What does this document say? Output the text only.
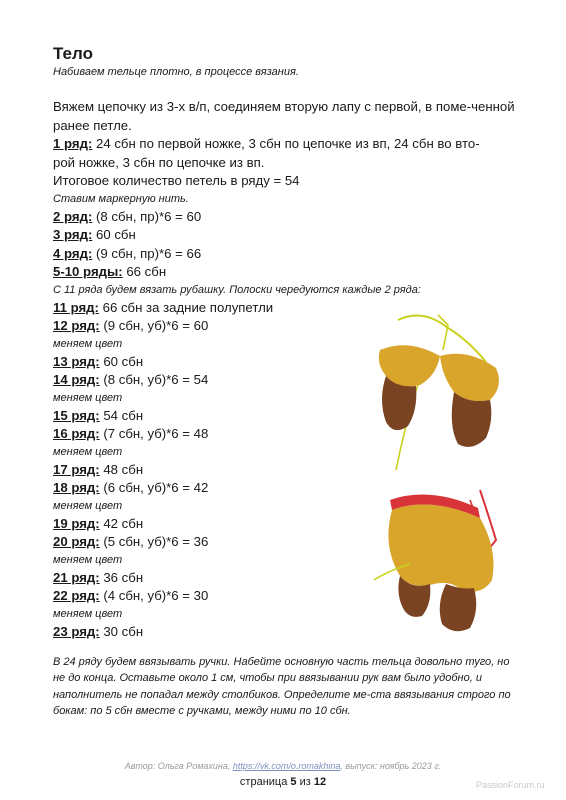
Тело
Набиваем тельце плотно, в процессе вязания.
Вяжем цепочку из 3-х в/п, соединяем вторую лапу с первой, в поме-ченной ранее петле.
1 ряд: 24 сбн по первой ножке, 3 сбн по цепочке из вп, 24 сбн во вто-
рой ножке, 3 сбн по цепочке из вп.
Итоговое количество петель в ряду = 54
Ставим маркерную нить.
2 ряд: (8 сбн, пр)*6 = 60
3 ряд: 60 сбн
4 ряд: (9 сбн, пр)*6 = 66
5-10 ряды: 66 сбн
С 11 ряда будем вязать рубашку. Полоски чередуются каждые 2 ряда:
11 ряд: 66 сбн за задние полупетли
12 ряд: (9 сбн, уб)*6 = 60
меняем цвет
13 ряд: 60 сбн
14 ряд: (8 сбн, уб)*6 = 54
меняем цвет
15 ряд: 54 сбн
16 ряд: (7 сбн, уб)*6 = 48
меняем цвет
17 ряд: 48 сбн
18 ряд: (6 сбн, уб)*6 = 42
меняем цвет
19 ряд: 42 сбн
20 ряд: (5 сбн, уб)*6 = 36
меняем цвет
21 ряд: 36 сбн
22 ряд: (4 сбн, уб)*6 = 30
меняем цвет
23 ряд: 30 сбн
В 24 ряду будем ввязывать ручки. Набейте основную часть тельца довольно туго, но не до конца. Оставьте около 1 см, чтобы при ввязывании рук вам было удобно, и наполнитель не попадал между столбиков. Определите ме-ста ввязывания строго по бокам: по 5 сбн вместе с ручками, между ними по 10 сбн.
Автор: Ольга Ромахина, https://vk.com/o.romakhina, выпуск: ноябрь 2023 г.
страница 5 из 12	PassionForum.ru
